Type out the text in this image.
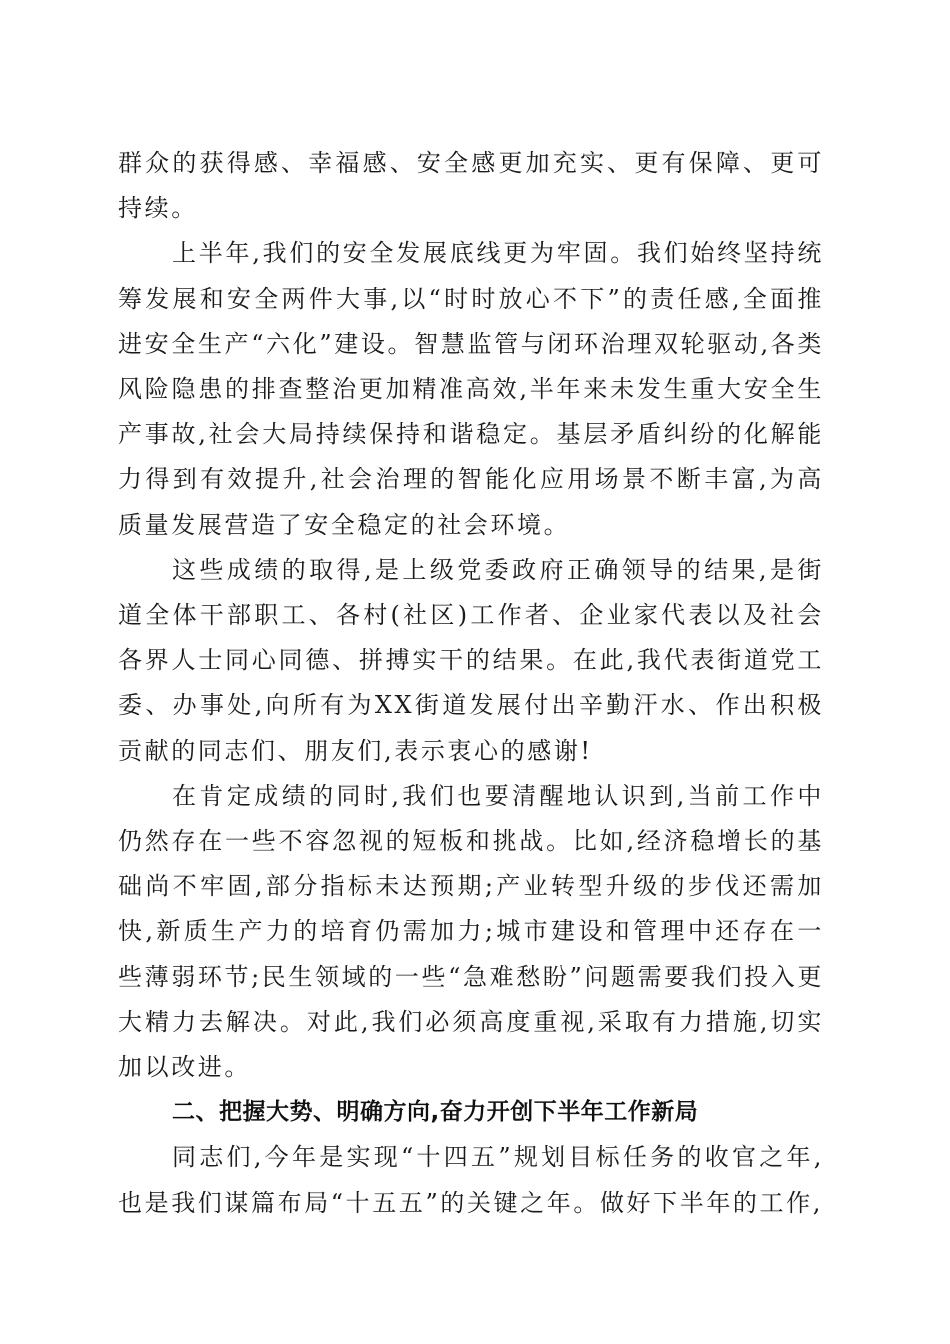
群众的获得感、幸福感、安全感更加充实、更有保障、更可持续。

上半年,我们的安全发展底线更为牢固。我们始终坚持统筹发展和安全两件大事,以“时时放心不下”的责任感,全面推进安全生产“六化”建设。智慧监管与闭环治理双轮驱动,各类风险隐患的排查整治更加精准高效,半年来未发生重大安全生产事故,社会大局持续保持和谐稳定。基层矛盾纠纷的化解能力得到有效提升,社会治理的智能化应用场景不断丰富,为高质量发展营造了安全稳定的社会环境。

这些成绩的取得,是上级党委政府正确领导的结果,是街道全体干部职工、各村(社区)工作者、企业家代表以及社会各界人士同心同德、拼搏实干的结果。在此,我代表街道党工委、办事处,向所有为XX街道发展付出辛勤汗水、作出积极贡献的同志们、朋友们,表示衷心的感谢!

在肯定成绩的同时,我们也要清醒地认识到,当前工作中仍然存在一些不容忽视的短板和挑战。比如,经济稳增长的基础尚不牢固,部分指标未达预期;产业转型升级的步伐还需加快,新质生产力的培育仍需加力;城市建设和管理中还存在一些薄弱环节;民生领域的一些“急难愁盼”问题需要我们投入更大精力去解决。对此,我们必须高度重视,采取有力措施,切实加以改进。

二、把握大势、明确方向,奋力开创下半年工作新局

同志们,今年是实现“十四五”规划目标任务的收官之年,也是我们谋篇布局“十五五”的关键之年。做好下半年的工作,
